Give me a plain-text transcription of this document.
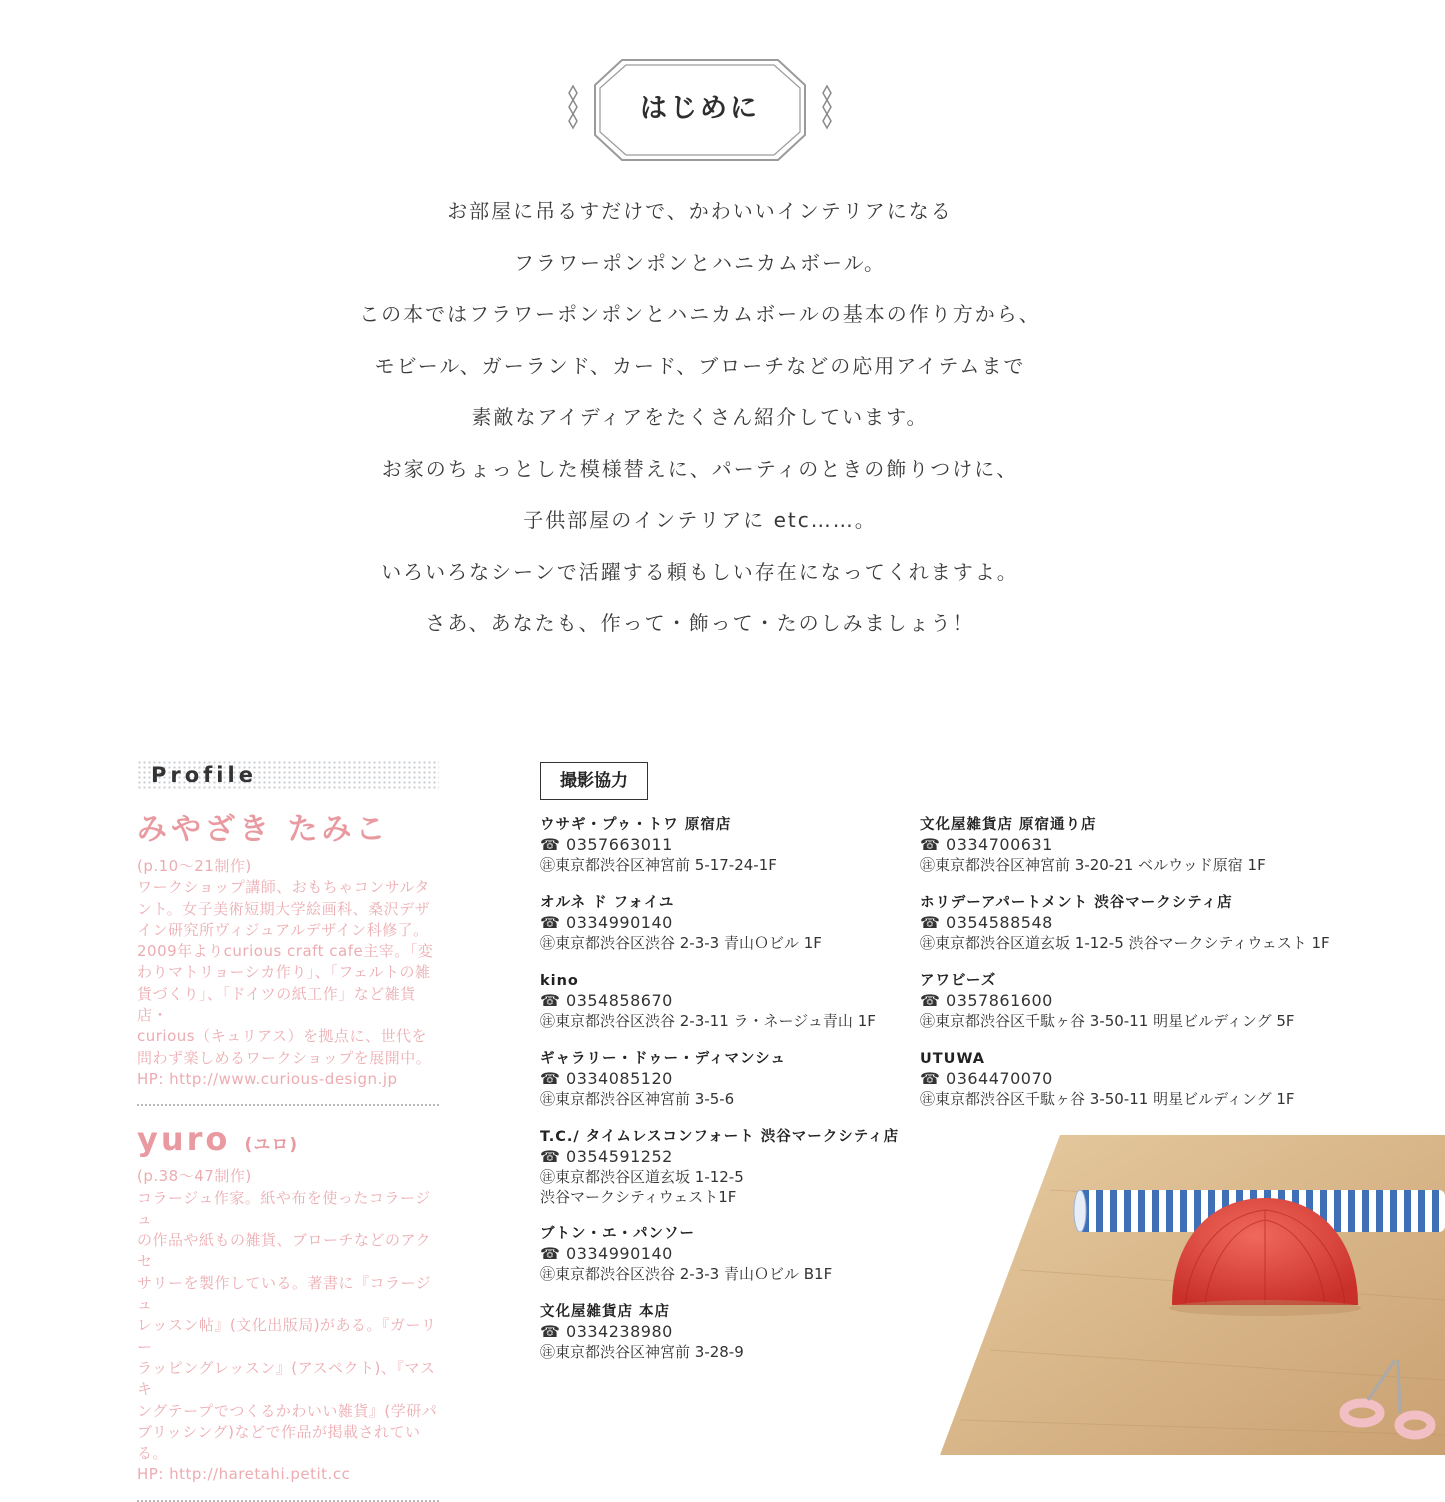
はじめに
お部屋に吊るすだけで、かわいいインテリアになる
フラワーポンポンとハニカムボール。
この本ではフラワーポンポンとハニカムボールの基本の作り方から、
モビール、ガーランド、カード、ブローチなどの応用アイテムまで
素敵なアイディアをたくさん紹介しています。
お家のちょっとした模様替えに、パーティのときの飾りつけに、
子供部屋のインテリアに etc……。
いろいろなシーンで活躍する頼もしい存在になってくれますよ。
さあ、あなたも、作って・飾って・たのしみましょう！
Profile
みやざき たみこ
(p.10〜21制作)
ワークショップ講師、おもちゃコンサルタ
ント。女子美術短期大学絵画科、桑沢デザ
イン研究所ヴィジュアルデザイン科修了。
2009年よりcurious craft cafe主宰。「変
わりマトリョーシカ作り」、「フェルトの雑
貨づくり」、「ドイツの紙工作」など雑貨店・
curious（キュリアス）を拠点に、世代を
問わず楽しめるワークショップを展開中。
HP: http://www.curious-design.jp
yuro (ユロ)
(p.38〜47制作)
コラージュ作家。紙や布を使ったコラージュ
の作品や紙もの雑貨、ブローチなどのアクセ
サリーを製作している。著書に『コラージュ
レッスン帖』(文化出版局)がある。『ガーリー
ラッピングレッスン』(アスペクト)、『マスキ
ングテープでつくるかわいい雑貨』(学研パ
ブリッシング)などで作品が掲載されている。
HP: http://haretahi.petit.cc
撮影協力
ウサギ・プゥ・トワ 原宿店
☎ 0357663011
㊟東京都渋谷区神宮前 5-17-24-1F
オルネ ド フォイユ
☎ 0334990140
㊟東京都渋谷区渋谷 2-3-3 青山Ｏビル 1F
kino
☎ 0354858670
㊟東京都渋谷区渋谷 2-3-11 ラ・ネージュ青山 1F
ギャラリー・ドゥー・ディマンシュ
☎ 0334085120
㊟東京都渋谷区神宮前 3-5-6
T.C./ タイムレスコンフォート 渋谷マークシティ店
☎ 0354591252
㊟東京都渋谷区道玄坂 1-12-5
渋谷マークシティウェスト1F
ブトン・エ・パンソー
☎ 0334990140
㊟東京都渋谷区渋谷 2-3-3 青山Ｏビル B1F
文化屋雑貨店 本店
☎ 0334238980
㊟東京都渋谷区神宮前 3-28-9
文化屋雑貨店 原宿通り店
☎ 0334700631
㊟東京都渋谷区神宮前 3-20-21 ベルウッド原宿 1F
ホリデーアパートメント 渋谷マークシティ店
☎ 0354588548
㊟東京都渋谷区道玄坂 1-12-5 渋谷マークシティウェスト 1F
アワビーズ
☎ 0357861600
㊟東京都渋谷区千駄ヶ谷 3-50-11 明星ビルディング 5F
UTUWA
☎ 0364470070
㊟東京都渋谷区千駄ヶ谷 3-50-11 明星ビルディング 1F
